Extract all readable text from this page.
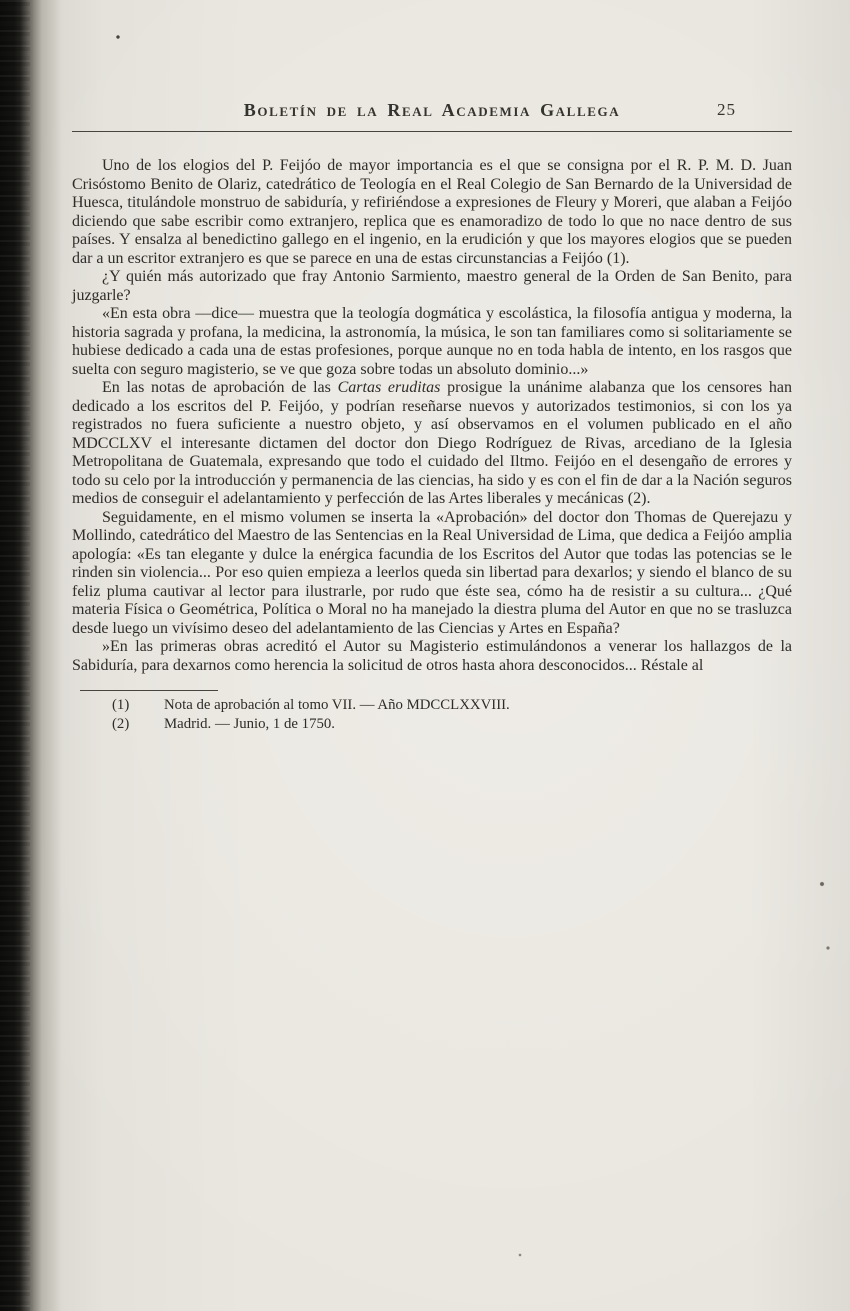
Boletín de la Real Academia Gallega	25

Uno de los elogios del P. Feijóo de mayor importancia es el que se consigna por el R. P. M. D. Juan Crisóstomo Benito de Olariz, catedrático de Teología en el Real Colegio de San Bernardo de la Universidad de Huesca, titulándole monstruo de sabiduría, y refiriéndose a expresiones de Fleury y Moreri, que alaban a Feijóo diciendo que sabe escribir como extranjero, replica que es enamoradizo de todo lo que no nace dentro de sus países. Y ensalza al benedictino gallego en el ingenio, en la erudición y que los mayores elogios que se pueden dar a un escritor extranjero es que se parece en una de estas circunstancias a Feijóo (1).

¿Y quién más autorizado que fray Antonio Sarmiento, maestro general de la Orden de San Benito, para juzgarle?

«En esta obra —dice— muestra que la teología dogmática y escolástica, la filosofía antigua y moderna, la historia sagrada y profana, la medicina, la astronomía, la música, le son tan familiares como si solitariamente se hubiese dedicado a cada una de estas profesiones, porque aunque no en toda habla de intento, en los rasgos que suelta con seguro magisterio, se ve que goza sobre todas un absoluto dominio...»

En las notas de aprobación de las Cartas eruditas prosigue la unánime alabanza que los censores han dedicado a los escritos del P. Feijóo, y podrían reseñarse nuevos y autorizados testimonios, si con los ya registrados no fuera suficiente a nuestro objeto, y así observamos en el volumen publicado en el año MDCCLXV el interesante dictamen del doctor don Diego Rodríguez de Rivas, arcediano de la Iglesia Metropolitana de Guatemala, expresando que todo el cuidado del Iltmo. Feijóo en el desengaño de errores y todo su celo por la introducción y permanencia de las ciencias, ha sido y es con el fin de dar a la Nación seguros medios de conseguir el adelantamiento y perfección de las Artes liberales y mecánicas (2).

Seguidamente, en el mismo volumen se inserta la «Aprobación» del doctor don Thomas de Querejazu y Mollindo, catedrático del Maestro de las Sentencias en la Real Universidad de Lima, que dedica a Feijóo amplia apología: «Es tan elegante y dulce la enérgica facundia de los Escritos del Autor que todas las potencias se le rinden sin violencia... Por eso quien empieza a leerlos queda sin libertad para dexarlos; y siendo el blanco de su feliz pluma cautivar al lector para ilustrarle, por rudo que éste sea, cómo ha de resistir a su cultura... ¿Qué materia Física o Geométrica, Política o Moral no ha manejado la diestra pluma del Autor en que no se trasluzca desde luego un vivísimo deseo del adelantamiento de las Ciencias y Artes en España?

»En las primeras obras acreditó el Autor su Magisterio estimulándonos a venerar los hallazgos de la Sabiduría, para dexarnos como herencia la solicitud de otros hasta ahora desconocidos... Réstale al

(1)	Nota de aprobación al tomo VII. — Año MDCCLXXVIII.
(2)	Madrid. — Junio, 1 de 1750.
